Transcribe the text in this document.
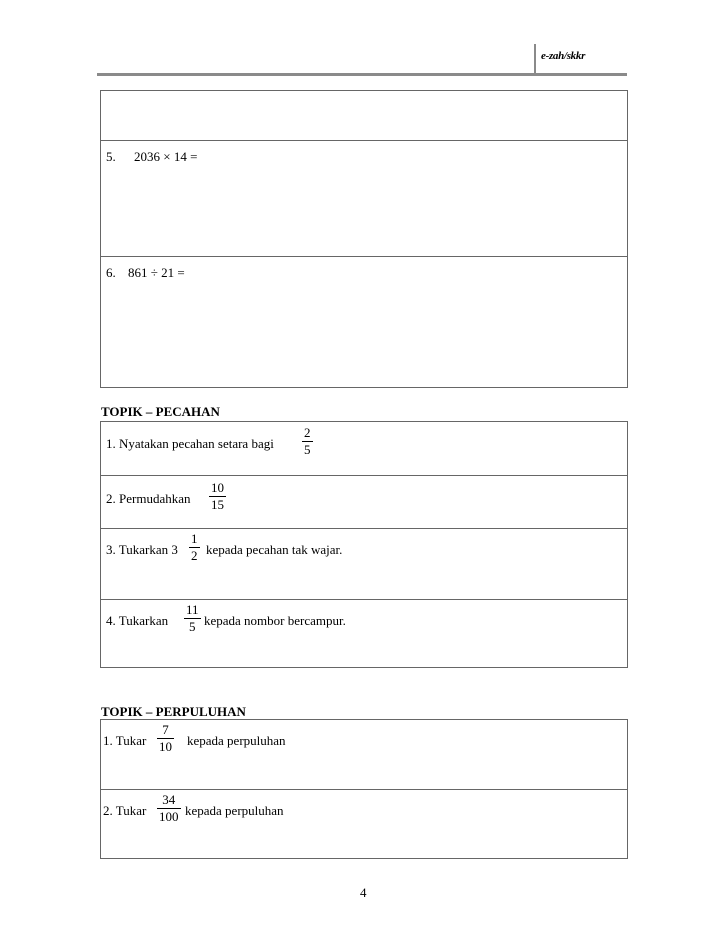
e-zah/skkr
5. 2036 × 14 =
6. 861 ÷ 21 =
TOPIK – PECAHAN
1. Nyatakan pecahan setara bagi $\frac{2}{5}$
2. Permudahkan $\frac{10}{15}$
3. Tukarkan $3 \frac{1}{2}$ kepada pecahan tak wajar.
4. Tukarkan $\frac{11}{5}$ kepada nombor bercampur.
TOPIK – PERPULUHAN
1. Tukar $\frac{7}{10}$ kepada perpuluhan
2. Tukar $\frac{34}{100}$ kepada perpuluhan
4
